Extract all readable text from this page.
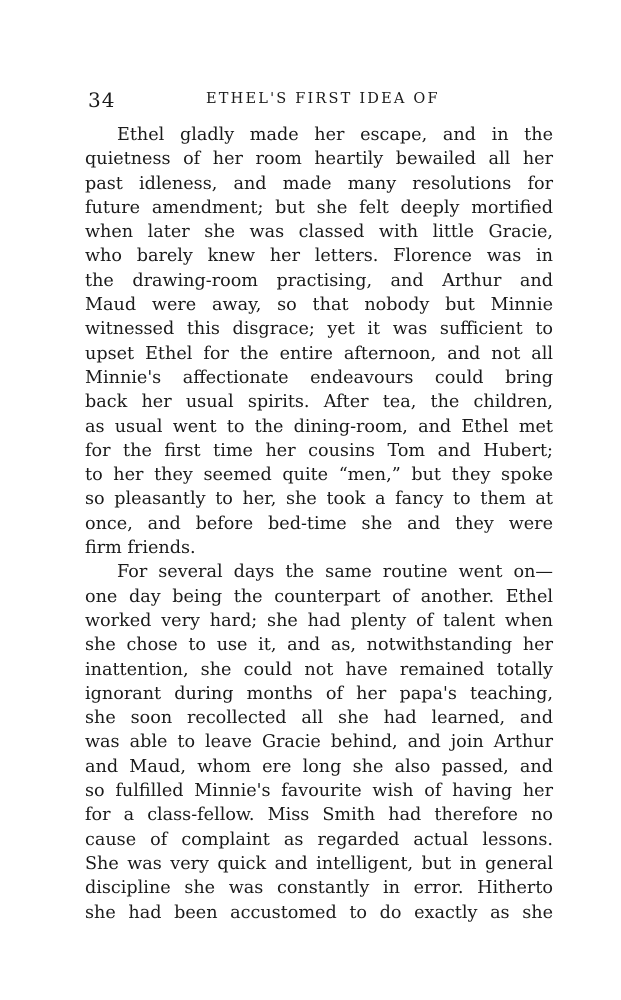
34	ETHEL'S FIRST IDEA OF
Ethel gladly made her escape, and in the
quietness of her room heartily bewailed all her
past idleness, and made many resolutions for
future amendment; but she felt deeply mortified
when later she was classed with little Gracie,
who barely knew her letters. Florence was in
the drawing-room practising, and Arthur and
Maud were away, so that nobody but Minnie
witnessed this disgrace; yet it was sufficient to
upset Ethel for the entire afternoon, and not all
Minnie's affectionate endeavours could bring
back her usual spirits. After tea, the children,
as usual went to the dining-room, and Ethel met
for the first time her cousins Tom and Hubert;
to her they seemed quite “men,” but they spoke
so pleasantly to her, she took a fancy to them at
once, and before bed-time she and they were
firm friends.
For several days the same routine went on—
one day being the counterpart of another. Ethel
worked very hard; she had plenty of talent when
she chose to use it, and as, notwithstanding her
inattention, she could not have remained totally
ignorant during months of her papa's teaching,
she soon recollected all she had learned, and
was able to leave Gracie behind, and join Arthur
and Maud, whom ere long she also passed, and
so fulfilled Minnie's favourite wish of having her
for a class-fellow. Miss Smith had therefore no
cause of complaint as regarded actual lessons.
She was very quick and intelligent, but in general
discipline she was constantly in error. Hitherto
she had been accustomed to do exactly as she
